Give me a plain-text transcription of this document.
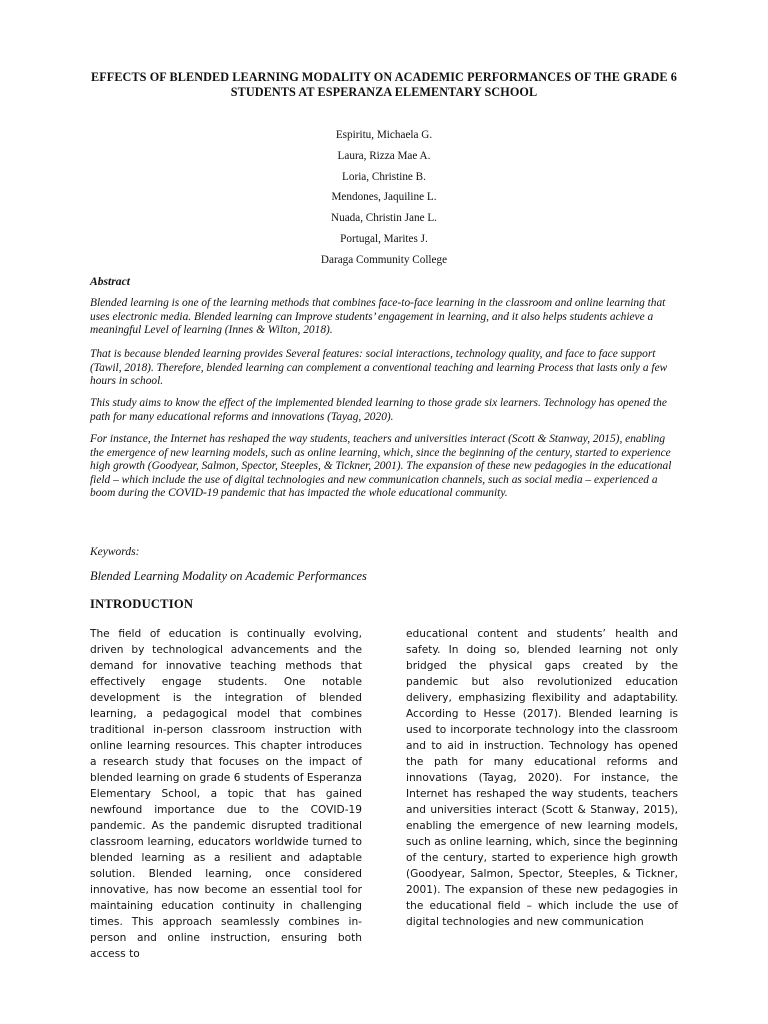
EFFECTS OF BLENDED LEARNING MODALITY ON ACADEMIC PERFORMANCES OF THE GRADE 6 STUDENTS AT ESPERANZA ELEMENTARY SCHOOL
Espiritu, Michaela G.
Laura, Rizza Mae A.
Loria, Christine B.
Mendones, Jaquiline L.
Nuada, Christin Jane L.
Portugal, Marites J.
Daraga Community College
Abstract
Blended learning is one of the learning methods that combines face-to-face learning in the classroom and online learning that uses electronic media. Blended learning can Improve students’ engagement in learning, and it also helps students achieve a meaningful Level of learning (Innes & Wilton, 2018).
That is because blended learning provides Several features: social interactions, technology quality, and face to face support (Tawil, 2018). Therefore, blended learning can complement a conventional teaching and learning Process that lasts only a few hours in school.
This study aims to know the effect of the implemented blended learning to those grade six learners. Technology has opened the path for many educational reforms and innovations (Tayag, 2020).
For instance, the Internet has reshaped the way students, teachers and universities interact (Scott & Stanway, 2015), enabling the emergence of new learning models, such as online learning, which, since the beginning of the century, started to experience high growth (Goodyear, Salmon, Spector, Steeples, & Tickner, 2001). The expansion of these new pedagogies in the educational field – which include the use of digital technologies and new communication channels, such as social media – experienced a boom during the COVID-19 pandemic that has impacted the whole educational community.
Keywords:
Blended Learning Modality on Academic Performances
INTRODUCTION
The field of education is continually evolving, driven by technological advancements and the demand for innovative teaching methods that effectively engage students. One notable development is the integration of blended learning, a pedagogical model that combines traditional in-person classroom instruction with online learning resources. This chapter introduces a research study that focuses on the impact of blended learning on grade 6 students of Esperanza Elementary School, a topic that has gained newfound importance due to the COVID-19 pandemic. As the pandemic disrupted traditional classroom learning, educators worldwide turned to blended learning as a resilient and adaptable solution. Blended learning, once considered innovative, has now become an essential tool for maintaining education continuity in challenging times. This approach seamlessly combines in-person and online instruction, ensuring both access to
educational content and students’ health and safety. In doing so, blended learning not only bridged the physical gaps created by the pandemic but also revolutionized education delivery, emphasizing flexibility and adaptability. According to Hesse (2017). Blended learning is used to incorporate technology into the classroom and to aid in instruction. Technology has opened the path for many educational reforms and innovations (Tayag, 2020). For instance, the Internet has reshaped the way students, teachers and universities interact (Scott & Stanway, 2015), enabling the emergence of new learning models, such as online learning, which, since the beginning of the century, started to experience high growth (Goodyear, Salmon, Spector, Steeples, & Tickner, 2001). The expansion of these new pedagogies in the educational field – which include the use of digital technologies and new communication
